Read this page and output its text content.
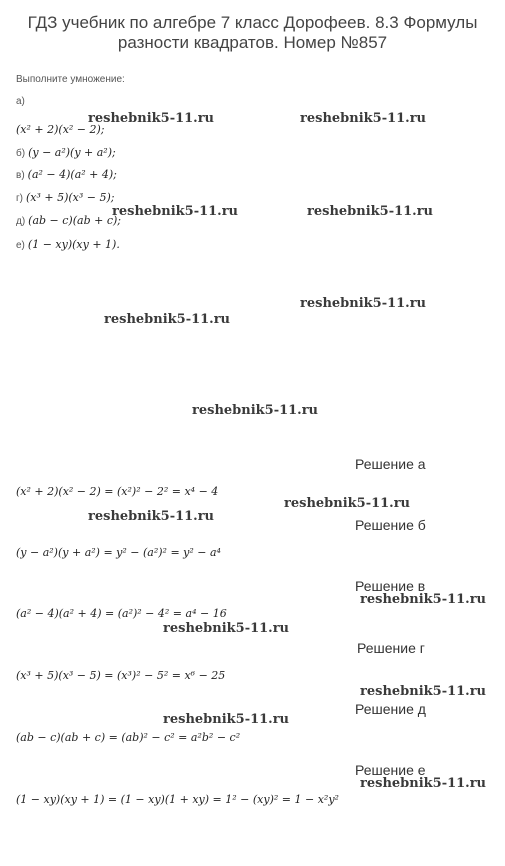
ГДЗ учебник по алгебре 7 класс Дорофеев. 8.3 Формулы
разности квадратов. Номер №857
Выполните умножение:
а)
(x² + 2)(x² − 2);
б) (y − a²)(y + a²);
в) (a² − 4)(a² + 4);
г) (x³ + 5)(x³ − 5);
д) (ab − c)(ab + c);
е) (1 − xy)(xy + 1).
Решение а
(x² + 2)(x² − 2) = (x²)² − 2² = x⁴ − 4
Решение б
(y − a²)(y + a²) = y² − (a²)² = y² − a⁴
Решение в
(a² − 4)(a² + 4) = (a²)² − 4² = a⁴ − 16
Решение г
(x³ + 5)(x³ − 5) = (x³)² − 5² = x⁶ − 25
Решение д
(ab − c)(ab + c) = (ab)² − c² = a²b² − c²
Решение е
(1 − xy)(xy + 1) = (1 − xy)(1 + xy) = 1² − (xy)² = 1 − x²y²
reshebnik5-11.ru	reshebnik5-11.ru
reshebnik5-11.ru	reshebnik5-11.ru
reshebnik5-11.ru
reshebnik5-11.ru
reshebnik5-11.ru
reshebnik5-11.ru
reshebnik5-11.ru
reshebnik5-11.ru
reshebnik5-11.ru
reshebnik5-11.ru
reshebnik5-11.ru
reshebnik5-11.ru
